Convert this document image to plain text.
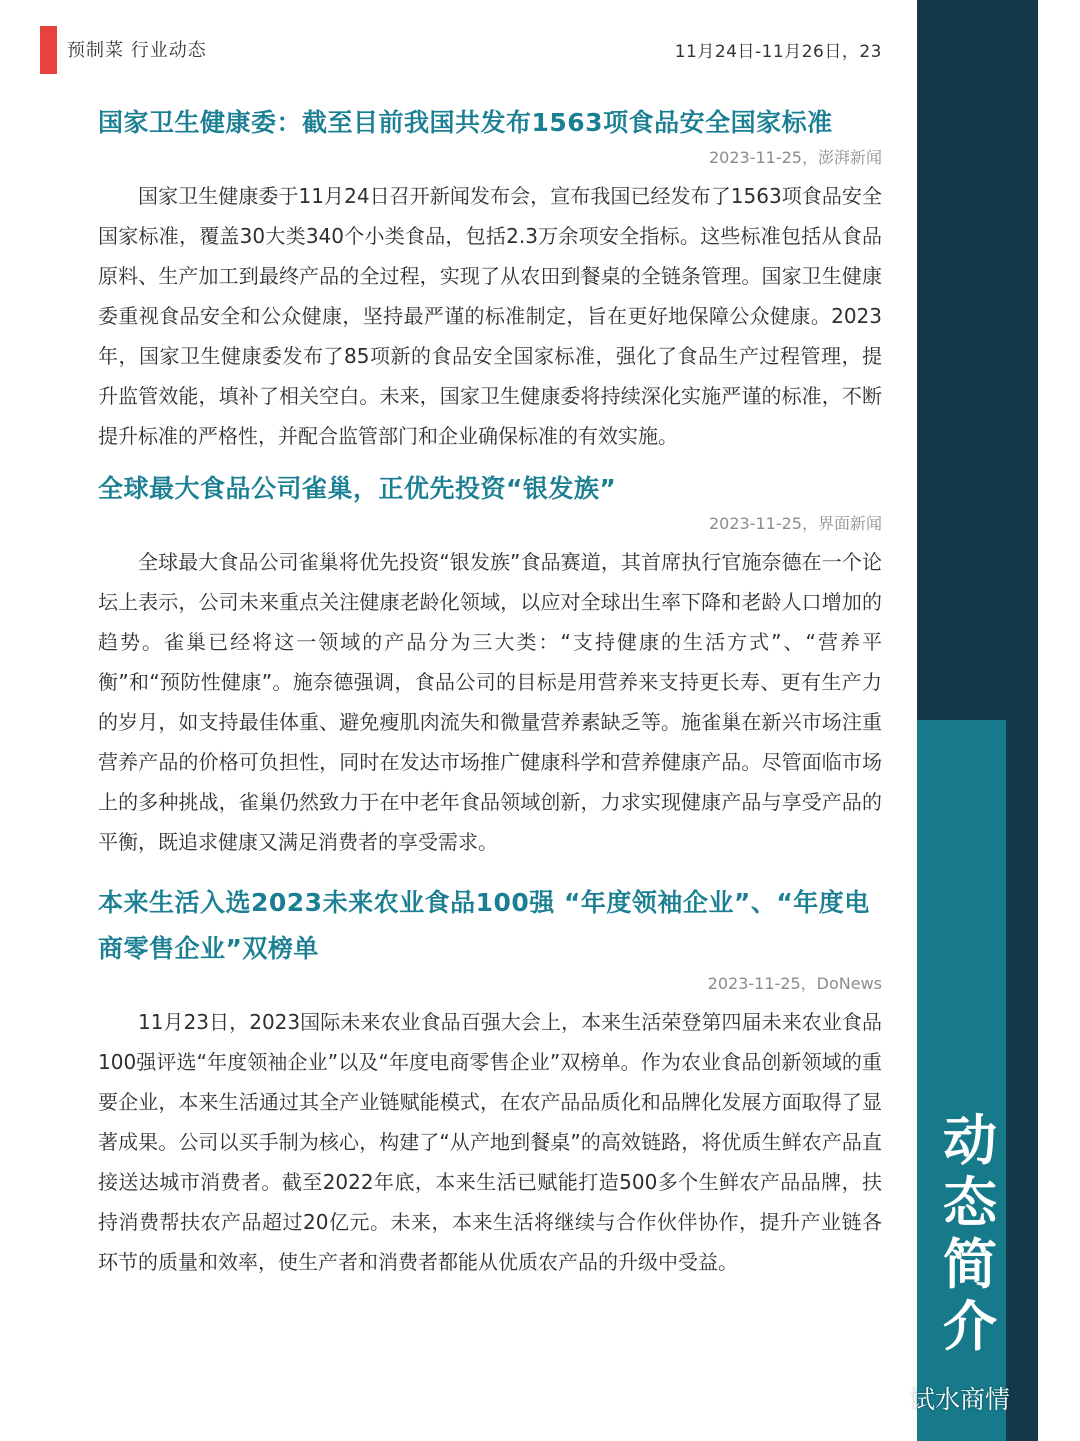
预制菜 行业动态	11月24日-11月26日，23
动
态
简
介
试水商情
国家卫生健康委：截至目前我国共发布1563项食品安全国家标准
2023-11-25，澎湃新闻

国家卫生健康委于11月24日召开新闻发布会，宣布我国已经发布了1563项食品安全国家标准，覆盖30大类340个小类食品，包括2.3万余项安全指标。这些标准包括从食品原料、生产加工到最终产品的全过程，实现了从农田到餐桌的全链条管理。国家卫生健康委重视食品安全和公众健康，坚持最严谨的标准制定，旨在更好地保障公众健康。2023年，国家卫生健康委发布了85项新的食品安全国家标准，强化了食品生产过程管理，提升监管效能，填补了相关空白。未来，国家卫生健康委将持续深化实施严谨的标准，不断提升标准的严格性，并配合监管部门和企业确保标准的有效实施。

全球最大食品公司雀巢，正优先投资“银发族”
2023-11-25，界面新闻

全球最大食品公司雀巢将优先投资“银发族”食品赛道，其首席执行官施奈德在一个论坛上表示，公司未来重点关注健康老龄化领域，以应对全球出生率下降和老龄人口增加的趋势。雀巢已经将这一领域的产品分为三大类：“支持健康的生活方式”、“营养平衡”和“预防性健康”。施奈德强调，食品公司的目标是用营养来支持更长寿、更有生产力的岁月，如支持最佳体重、避免瘦肌肉流失和微量营养素缺乏等。施雀巢在新兴市场注重营养产品的价格可负担性，同时在发达市场推广健康科学和营养健康产品。尽管面临市场上的多种挑战，雀巢仍然致力于在中老年食品领域创新，力求实现健康产品与享受产品的平衡，既追求健康又满足消费者的享受需求。

本来生活入选2023未来农业食品100强 “年度领袖企业”、“年度电商零售企业”双榜单
2023-11-25，DoNews

11月23日，2023国际未来农业食品百强大会上，本来生活荣登第四届未来农业食品100强评选“年度领袖企业”以及“年度电商零售企业”双榜单。作为农业食品创新领域的重要企业，本来生活通过其全产业链赋能模式，在农产品品质化和品牌化发展方面取得了显著成果。公司以买手制为核心，构建了“从产地到餐桌”的高效链路，将优质生鲜农产品直接送达城市消费者。截至2022年底，本来生活已赋能打造500多个生鲜农产品品牌，扶持消费帮扶农产品超过20亿元。未来，本来生活将继续与合作伙伴协作，提升产业链各环节的质量和效率，使生产者和消费者都能从优质农产品的升级中受益。
